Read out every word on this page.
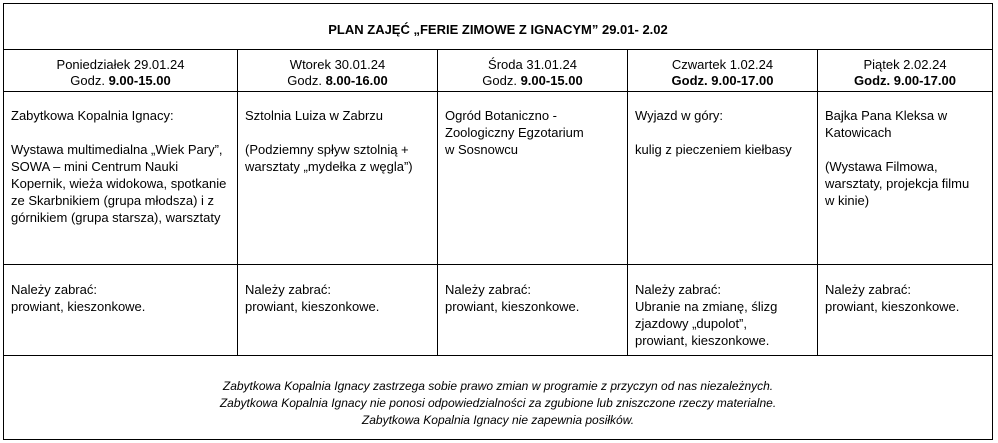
PLAN ZAJĘĆ „FERIE ZIMOWE Z IGNACYM” 29.01- 2.02
Poniedziałek 29.01.24
Godz. 9.00-15.00
Zabytkowa Kopalnia Ignacy:
Wystawa multimedialna „Wiek Pary”, SOWA – mini Centrum Nauki Kopernik, wieża widokowa, spotkanie ze Skarbnikiem (grupa młodsza) i z górnikiem (grupa starsza), warsztaty
Należy zabrać:
prowiant, kieszonkowe.
Wtorek 30.01.24
Godz. 8.00-16.00
Sztolnia Luiza w Zabrzu
(Podziemny spływ sztolnią + warsztaty „mydełka z węgla”)
Należy zabrać:
prowiant, kieszonkowe.
Środa 31.01.24
Godz. 9.00-15.00
Ogród Botaniczno - Zoologiczny Egzotarium w Sosnowcu
Należy zabrać:
prowiant, kieszonkowe.
Czwartek 1.02.24
Godz. 9.00-17.00
Wyjazd w góry:
kulig z pieczeniem kiełbasy
Należy zabrać:
Ubranie na zmianę, ślizg zjazdowy „dupolot”, prowiant, kieszonkowe.
Piątek 2.02.24
Godz. 9.00-17.00
Bajka Pana Kleksa w Katowicach
(Wystawa Filmowa, warsztaty, projekcja filmu w kinie)
Należy zabrać:
prowiant, kieszonkowe.
Zabytkowa Kopalnia Ignacy zastrzega sobie prawo zmian w programie z przyczyn od nas niezależnych.
Zabytkowa Kopalnia Ignacy nie ponosi odpowiedzialności za zgubione lub zniszczone rzeczy materialne.
Zabytkowa Kopalnia Ignacy nie zapewnia posiłków.
